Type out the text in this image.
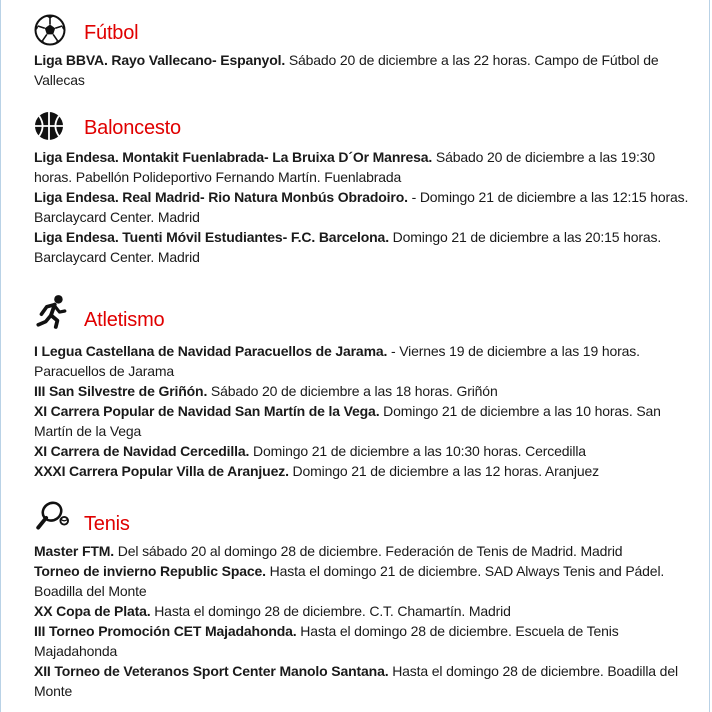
Fútbol
Liga BBVA. Rayo Vallecano- Espanyol. Sábado 20 de diciembre a las 22 horas. Campo de Fútbol de Vallecas
Baloncesto
Liga Endesa. Montakit Fuenlabrada- La Bruixa D´Or Manresa. Sábado 20 de diciembre a las 19:30 horas. Pabellón Polideportivo Fernando Martín. Fuenlabrada
Liga Endesa. Real Madrid- Rio Natura Monbús Obradoiro. - Domingo 21 de diciembre a las 12:15 horas. Barclaycard Center. Madrid
Liga Endesa. Tuenti Móvil Estudiantes- F.C. Barcelona. Domingo 21 de diciembre a las 20:15 horas. Barclaycard Center. Madrid
Atletismo
I Legua Castellana de Navidad Paracuellos de Jarama. - Viernes 19 de diciembre a las 19 horas. Paracuellos de Jarama
III San Silvestre de Griñón. Sábado 20 de diciembre a las 18 horas. Griñón
XI Carrera Popular de Navidad San Martín de la Vega. Domingo 21 de diciembre a las 10 horas. San Martín de la Vega
XI Carrera de Navidad Cercedilla. Domingo 21 de diciembre a las 10:30 horas. Cercedilla
XXXI Carrera Popular Villa de Aranjuez. Domingo 21 de diciembre a las 12 horas. Aranjuez
Tenis
Master FTM. Del sábado 20 al domingo 28 de diciembre. Federación de Tenis de Madrid. Madrid
Torneo de invierno Republic Space. Hasta el domingo 21 de diciembre. SAD Always Tenis and Pádel. Boadilla del Monte
XX Copa de Plata. Hasta el domingo 28 de diciembre. C.T. Chamartín. Madrid
III Torneo Promoción CET Majadahonda. Hasta el domingo 28 de diciembre. Escuela de Tenis Majadahonda
XII Torneo de Veteranos Sport Center Manolo Santana. Hasta el domingo 28 de diciembre. Boadilla del Monte
